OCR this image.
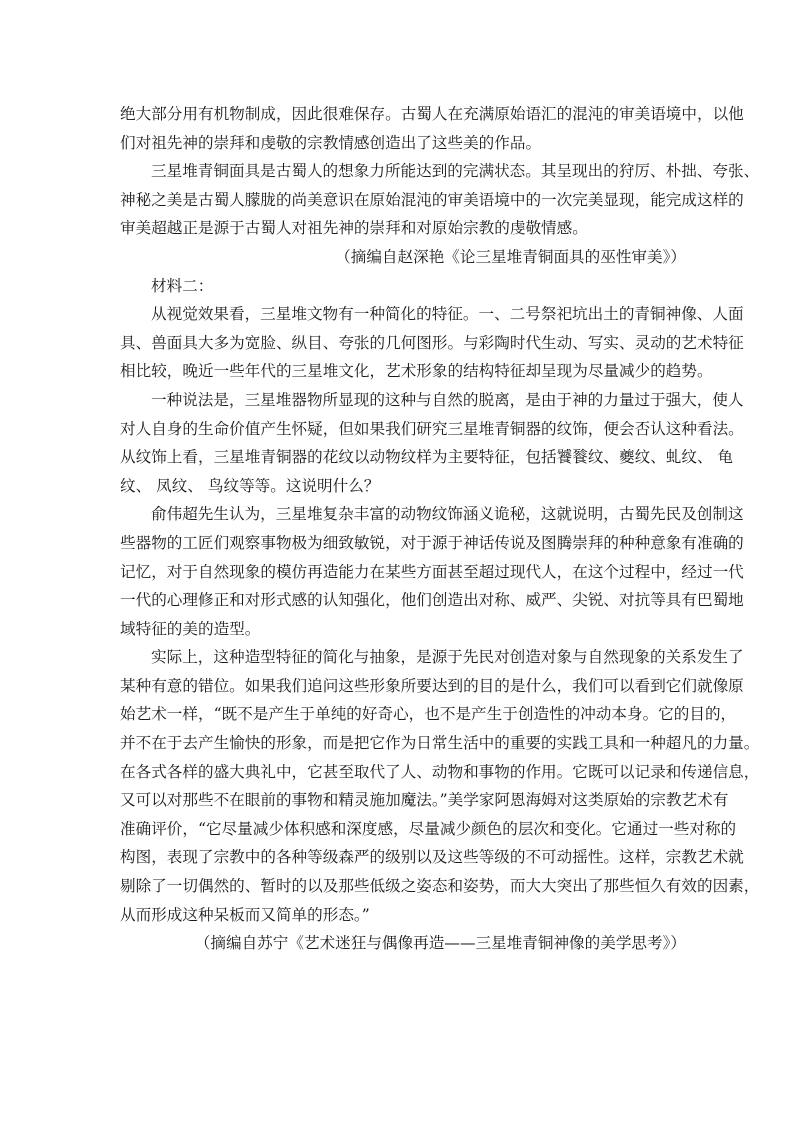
绝大部分用有机物制成，因此很难保存。古蜀人在充满原始语汇的混沌的审美语境中，以他
们对祖先神的崇拜和虔敬的宗教情感创造出了这些美的作品。
三星堆青铜面具是古蜀人的想象力所能达到的完满状态。其呈现出的狩厉、朴拙、夸张、
神秘之美是古蜀人朦胧的尚美意识在原始混沌的审美语境中的一次完美显现，能完成这样的
审美超越正是源于古蜀人对祖先神的崇拜和对原始宗教的虔敬情感。
（摘编自赵深艳《论三星堆青铜面具的巫性审美》）
材料二：
从视觉效果看，三星堆文物有一种简化的特征。一、二号祭祀坑出土的青铜神像、人面
具、兽面具大多为宽脸、纵目、夸张的几何图形。与彩陶时代生动、写实、灵动的艺术特征
相比较，晚近一些年代的三星堆文化，艺术形象的结构特征却呈现为尽量减少的趋势。
一种说法是，三星堆器物所显现的这种与自然的脱离，是由于神的力量过于强大，使人
对人自身的生命价值产生怀疑，但如果我们研究三星堆青铜器的纹饰，便会否认这种看法。
从纹饰上看，三星堆青铜器的花纹以动物纹样为主要特征，包括饕餮纹、夔纹、虬纹、 龟
纹、 凤纹、 鸟纹等等。这说明什么？
俞伟超先生认为，三星堆复杂丰富的动物纹饰涵义诡秘，这就说明，古蜀先民及创制这
些器物的工匠们观察事物极为细致敏锐，对于源于神话传说及图腾崇拜的种种意象有准确的
记忆，对于自然现象的模仿再造能力在某些方面甚至超过现代人，在这个过程中，经过一代
一代的心理修正和对形式感的认知强化，他们创造出对称、威严、尖锐、对抗等具有巴蜀地
域特征的美的造型。
实际上，这种造型特征的简化与抽象，是源于先民对创造对象与自然现象的关系发生了
某种有意的错位。如果我们追问这些形象所要达到的目的是什么，我们可以看到它们就像原
始艺术一样，“既不是产生于单纯的好奇心，也不是产生于创造性的冲动本身。它的目的，
并不在于去产生愉快的形象，而是把它作为日常生活中的重要的实践工具和一种超凡的力量。
在各式各样的盛大典礼中，它甚至取代了人、动物和事物的作用。它既可以记录和传递信息，
又可以对那些不在眼前的事物和精灵施加魔法。”美学家阿恩海姆对这类原始的宗教艺术有
准确评价，“它尽量减少体积感和深度感，尽量减少颜色的层次和变化。它通过一些对称的
构图，表现了宗教中的各种等级森严的级别以及这些等级的不可动摇性。这样，宗教艺术就
剔除了一切偶然的、暂时的以及那些低级之姿态和姿势，而大大突出了那些恒久有效的因素，
从而形成这种呆板而又简单的形态。”
（摘编自苏宁《艺术迷狂与偶像再造——三星堆青铜神像的美学思考》）
